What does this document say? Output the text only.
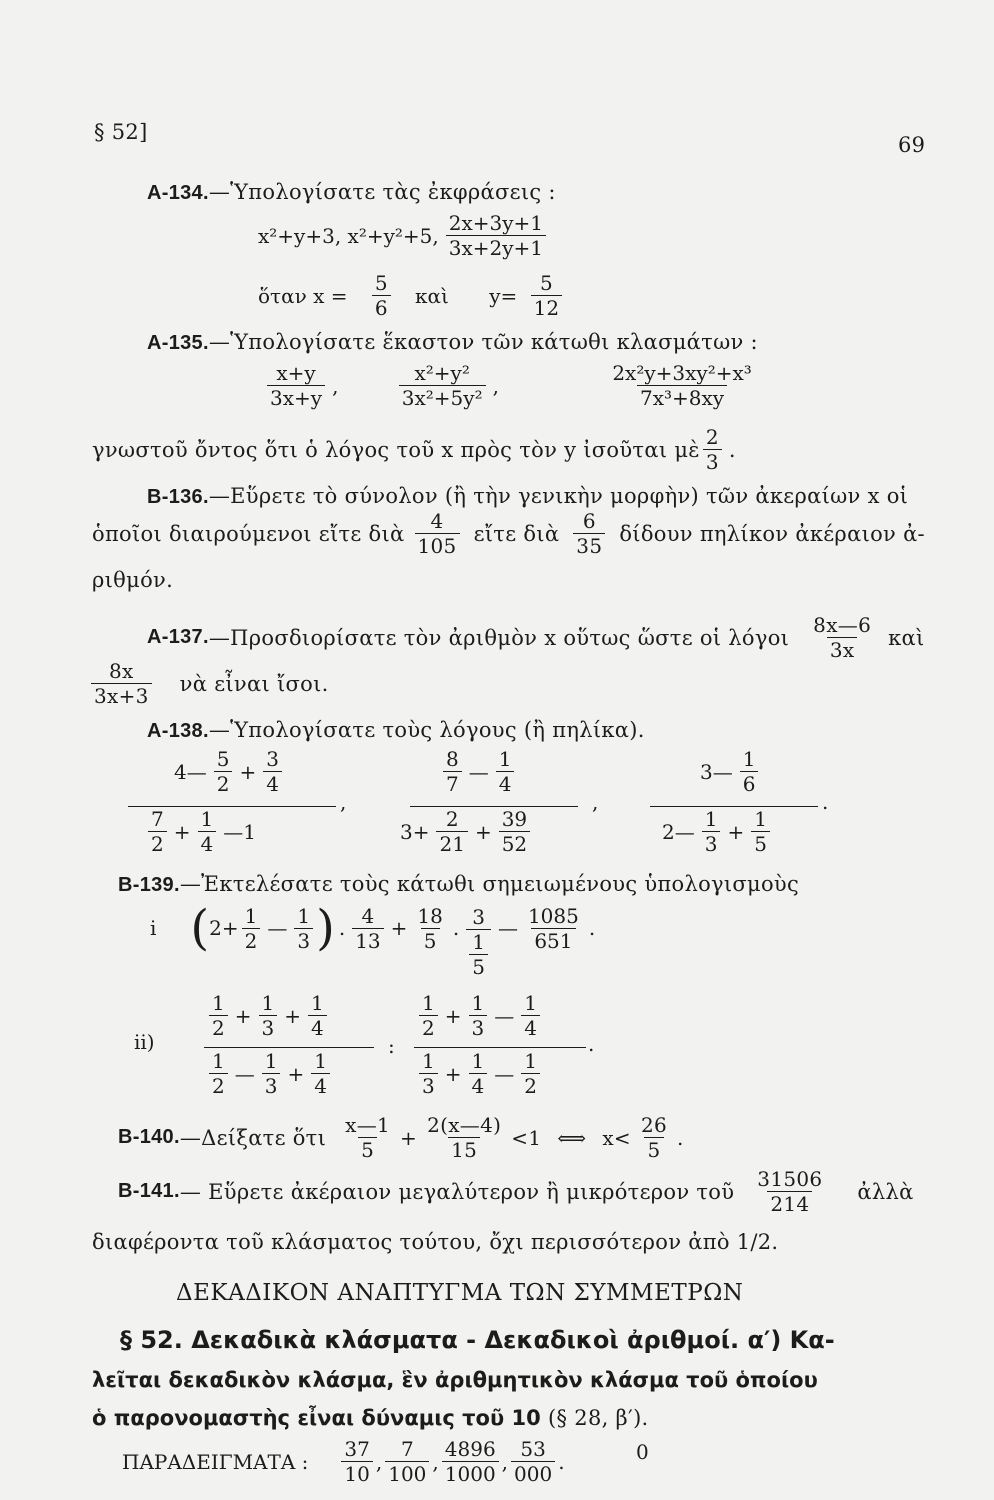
§ 52]
69
Α-134.—Ὑπολογίσατε τὰς ἐκφράσεις :
x²+y+3, x²+y²+5, $\frac{2x+3y+1}{3x+2y+1}$
ὅταν $x = \frac{5}{6}$ καὶ $y= \frac{5}{12}$
Α-135.—Ὑπολογίσατε ἕκαστον τῶν κάτωθι κλασμάτων :
$\frac{x+y}{3x+y}$ ,	$\frac{\text{x²+y²}}{\text{3x²+5y²}}$ ,	$\frac{\text{2x²y+3xy²+x³}}{\text{7x³+8xy}}$
γνωστοῦ ὄντος ὅτι ὁ λόγος τοῦ x πρὸς τὸν y ἰσοῦται μὲ $\frac{2}{3}$ .
Β-136.—Εὕρετε τὸ σύνολον (ἢ τὴν γενικὴν μορφὴν) τῶν ἀκεραίων x οἱ
ὁποῖοι διαιρούμενοι εἴτε διὰ $\frac{4}{105}$ εἴτε διὰ $\frac{6}{35}$ δίδουν πηλίκον ἀκέραιον ἀ-
ριθμόν.
Α-137.—Προσδιορίσατε τὸν ἀριθμὸν x οὕτως ὥστε οἱ λόγοι $\frac{8x—6}{3x}$ καὶ
$\frac{8x}{3x+3}$ νὰ εἶναι ἴσοι.
Α-138.—Ὑπολογίσατε τοὺς λόγους (ἢ πηλίκα).
4— $\frac{5}{2} + \frac{3}{4}$
,
$\frac{7}{2} + \frac{1}{4}$ —1
$\frac{8}{7}$ — $\frac{1}{4}$
,
$3+ \frac{2}{21} + \frac{39}{52}$
3— $\frac{1}{6}$
.
2— $\frac{1}{3} + \frac{1}{5}$
Β-139.—Ἐκτελέσατε τοὺς κάτωθι σημειωμένους ὑπολογισμοὺς
i ($2+ \frac{1}{2}$ — $\frac{1}{3}$ ) . $\frac{4}{13} + \frac{18}{5}$ . $\frac{3}{\frac{1}{5}}$ — $\frac{1085}{651}$ .
ii)
$\frac{1}{2} + \frac{1}{3} + \frac{1}{4}$
$\frac{1}{2}$ — $\frac{1}{3} + \frac{1}{4}$
:
$\frac{1}{2} + \frac{1}{3}$ — $\frac{1}{4}$
.
$\frac{1}{3} + \frac{1}{4}$ — $\frac{1}{2}$
Β-140.—Δείξατε ὅτι $\frac{x—1}{5} + \frac{2(x—4)}{15} <1$ ⟺ $x< \frac{26}{5}$ .
Β-141.— Εὕρετε ἀκέραιον μεγαλύτερον ἢ μικρότερον τοῦ $\frac{31506}{214}$ ἀλλὰ
διαφέροντα τοῦ κλάσματος τούτου, ὄχι περισσότερον ἀπὸ 1/2.
ΔΕΚΑΔΙΚΟΝ ΑΝΑΠΤΥΓΜΑ ΤΩΝ ΣΥΜΜΕΤΡΩΝ
§ 52. Δεκαδικὰ κλάσματα - Δεκαδικοὶ ἀριθμοί. α′) Κα-
λεῖται δεκαδικὸν κλάσμα, ἓν ἀριθμητικὸν κλάσμα τοῦ ὁποίου
ὁ παρονομαστὴς εἶναι δύναμις τοῦ 10 (§ 28, β′).
ΠΑΡΑΔΕΙΓΜΑΤΑ : $\frac{37}{10}$ , $\frac{7}{100}$ , $\frac{4896}{1000}$ , $\frac{53}{000}$ .	0
